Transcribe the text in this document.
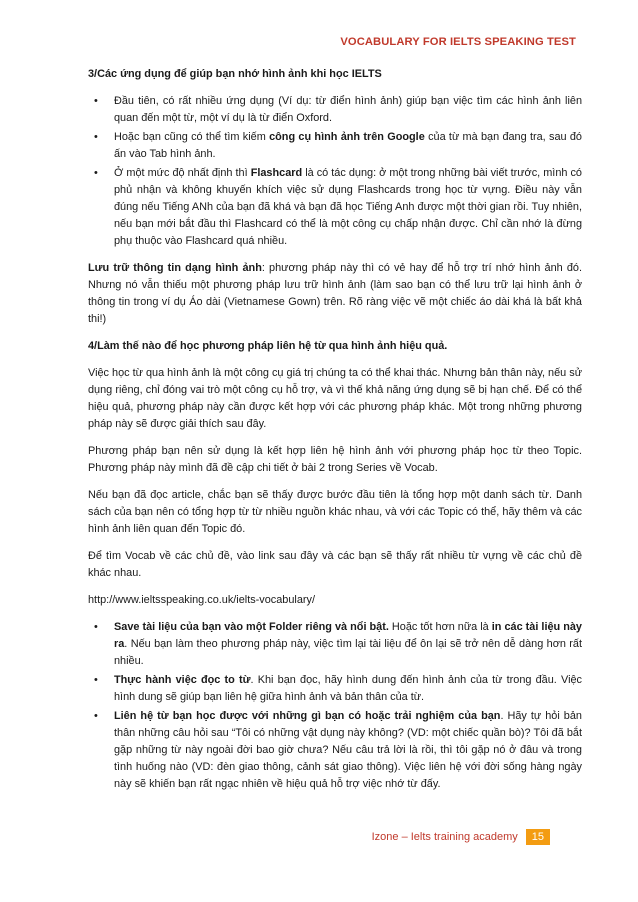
VOCABULARY FOR IELTS SPEAKING TEST
3/Các ứng dụng để giúp bạn nhớ hình ảnh khi học IELTS
• Đầu tiên, có rất nhiều ứng dụng (Ví dụ: từ điển hình ảnh) giúp bạn việc tìm các hình ảnh liên quan đến một từ, một ví dụ là từ điển Oxford.
• Hoặc bạn cũng có thể tìm kiếm công cụ hình ảnh trên Google của từ mà bạn đang tra, sau đó ấn vào Tab hình ảnh.
• Ở một mức độ nhất định thì Flashcard là có tác dụng: ở một trong những bài viết trước, mình có phủ nhận và không khuyến khích việc sử dụng Flashcards trong học từ vựng. Điều này vẫn đúng nếu Tiếng ANh của bạn đã khá và bạn đã học Tiếng Anh được một thời gian rồi. Tuy nhiên, nếu bạn mới bắt đầu thì Flashcard có thể là một công cụ chấp nhận được. Chỉ cần nhớ là đừng phụ thuộc vào Flashcard quá nhiều.

Lưu trữ thông tin dạng hình ảnh: phương pháp này thì có vẻ hay để hỗ trợ trí nhớ hình ảnh đó. Nhưng nó vẫn thiếu một phương pháp lưu trữ hình ảnh (làm sao bạn có thể lưu trữ lại hình ảnh ở thông tin trong ví dụ Áo dài (Vietnamese Gown) trên. Rõ ràng việc vẽ một chiếc áo dài khá là bất khả thi!)

4/Làm thế nào để học phương pháp liên hệ từ qua hình ảnh hiệu quả.

Việc học từ qua hình ảnh là một công cụ giá trị chúng ta có thể khai thác. Nhưng bản thân này, nếu sử dụng riêng, chỉ đóng vai trò một công cụ hỗ trợ, và vì thế khả năng ứng dụng sẽ bị hạn chế. Để có thể hiệu quả, phương pháp này cần được kết hợp với các phương pháp khác. Một trong những phương pháp này sẽ được giải thích sau đây.

Phương pháp bạn nên sử dụng là kết hợp liên hệ hình ảnh với phương pháp học từ theo Topic. Phương pháp này mình đã đề cập chi tiết ở bài 2 trong Series về Vocab.

Nếu bạn đã đọc article, chắc bạn sẽ thấy được bước đầu tiên là tổng hợp một danh sách từ. Danh sách của bạn nên có tổng hợp từ từ nhiều nguồn khác nhau, và với các Topic có thể, hãy thêm và các hình ảnh liên quan đến Topic đó.

Để tìm Vocab về các chủ đề, vào link sau đây và các bạn sẽ thấy rất nhiều từ vựng về các chủ đề khác nhau.

http://www.ieltsspeaking.co.uk/ielts-vocabulary/

• Save tài liệu của bạn vào một Folder riêng và nổi bật. Hoặc tốt hơn nữa là in các tài liệu này ra. Nếu bạn làm theo phương pháp này, việc tìm lại tài liệu để ôn lại sẽ trở nên dễ dàng hơn rất nhiều.
• Thực hành việc đọc to từ. Khi bạn đọc, hãy hình dung đến hình ảnh của từ trong đầu. Việc hình dung sẽ giúp bạn liên hệ giữa hình ảnh và bản thân của từ.
• Liên hệ từ bạn học được với những gì bạn có hoặc trải nghiệm của bạn. Hãy tự hỏi bản thân những câu hỏi sau “Tôi có những vật dụng này không? (VD: một chiếc quần bò)? Tôi đã bắt gặp những từ này ngoài đời bao giờ chưa? Nếu câu trả lời là rồi, thì tôi gặp nó ở đâu và trong tình huống nào (VD: đèn giao thông, cảnh sát giao thông). Việc liên hệ với đời sống hàng ngày này sẽ khiến bạn rất ngạc nhiên về hiệu quả hỗ trợ việc nhớ từ đấy.
Izone – Ielts training academy	15
